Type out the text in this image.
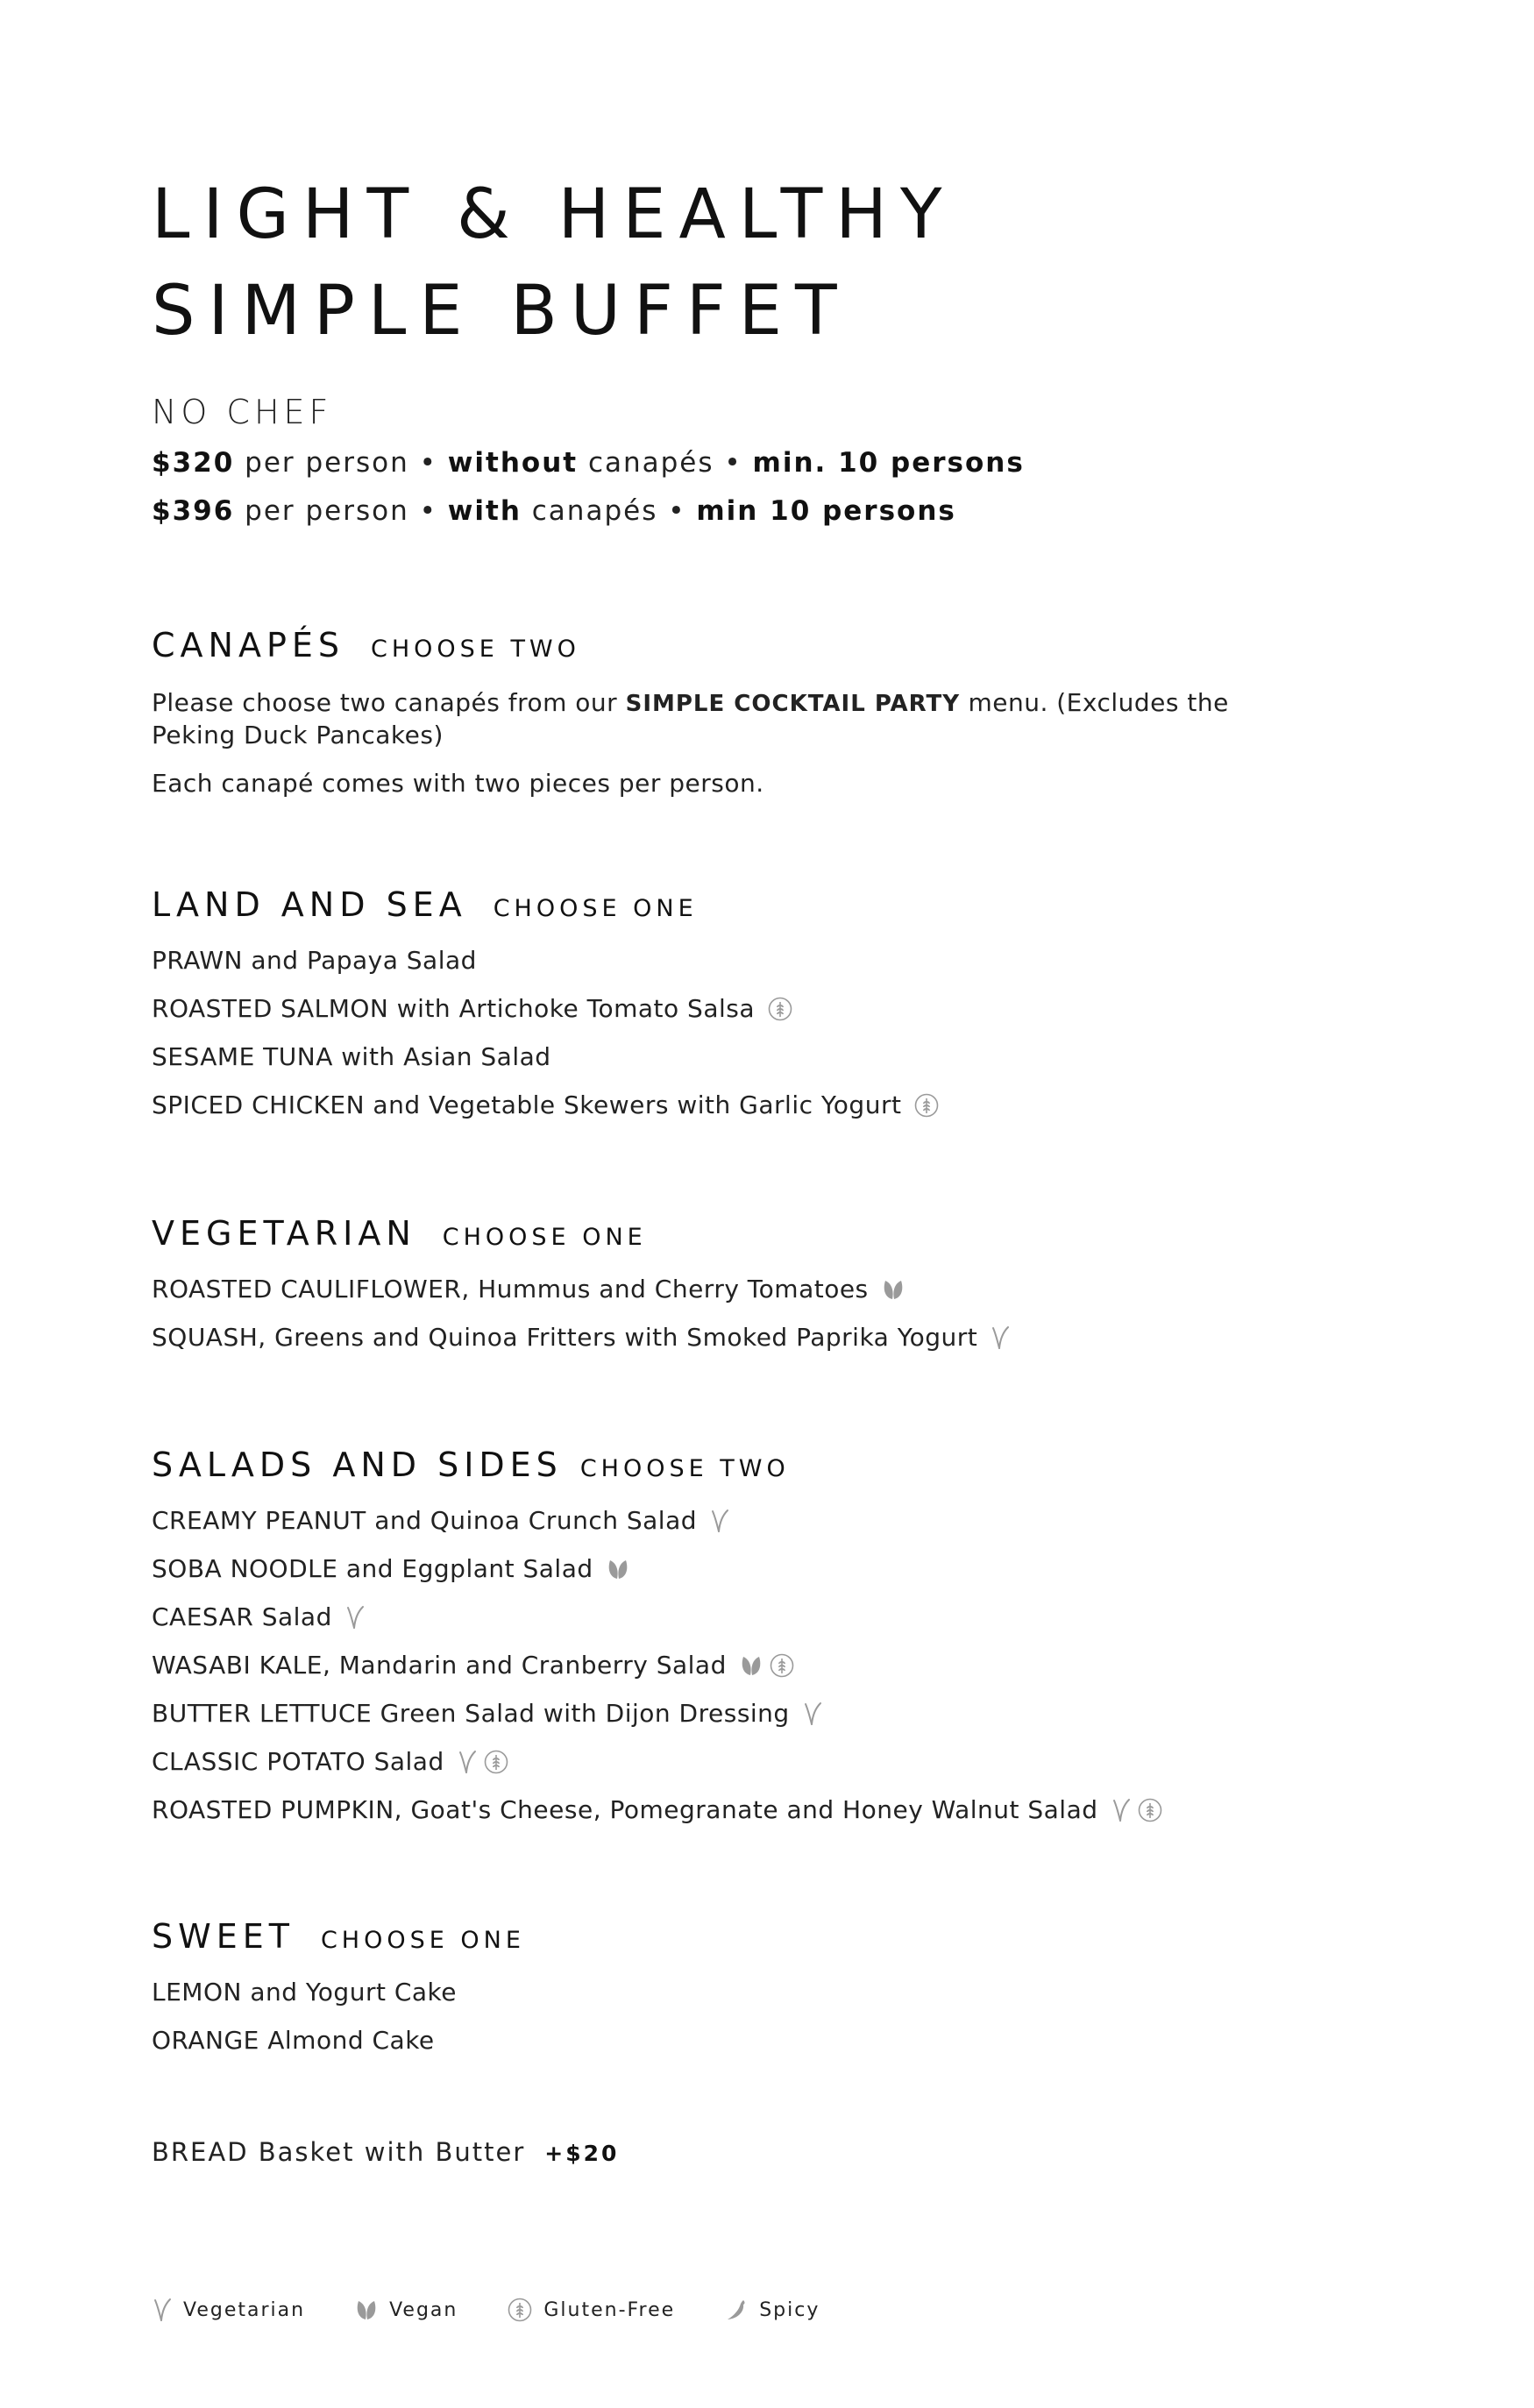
LIGHT & HEALTHY
SIMPLE BUFFET
NO CHEF
$320 per person • without canapés • min. 10 persons
$396 per person • with canapés • min 10 persons
CANAPÉS CHOOSE TWO
Please choose two canapés from our SIMPLE COCKTAIL PARTY menu. (Excludes the Peking Duck Pancakes)
Each canapé comes with two pieces per person.
LAND AND SEA CHOOSE ONE
PRAWN and Papaya Salad
ROASTED SALMON with Artichoke Tomato Salsa
SESAME TUNA with Asian Salad
SPICED CHICKEN and Vegetable Skewers with Garlic Yogurt
VEGETARIAN CHOOSE ONE
ROASTED CAULIFLOWER, Hummus and Cherry Tomatoes
SQUASH, Greens and Quinoa Fritters with Smoked Paprika Yogurt
SALADS AND SIDES CHOOSE TWO
CREAMY PEANUT and Quinoa Crunch Salad
SOBA NOODLE and Eggplant Salad
CAESAR Salad
WASABI KALE, Mandarin and Cranberry Salad
BUTTER LETTUCE Green Salad with Dijon Dressing
CLASSIC POTATO Salad
ROASTED PUMPKIN, Goat's Cheese, Pomegranate and Honey Walnut Salad
SWEET CHOOSE ONE
LEMON and Yogurt Cake
ORANGE Almond Cake
BREAD Basket with Butter +$20
Vegetarian	Vegan	Gluten-Free	Spicy
